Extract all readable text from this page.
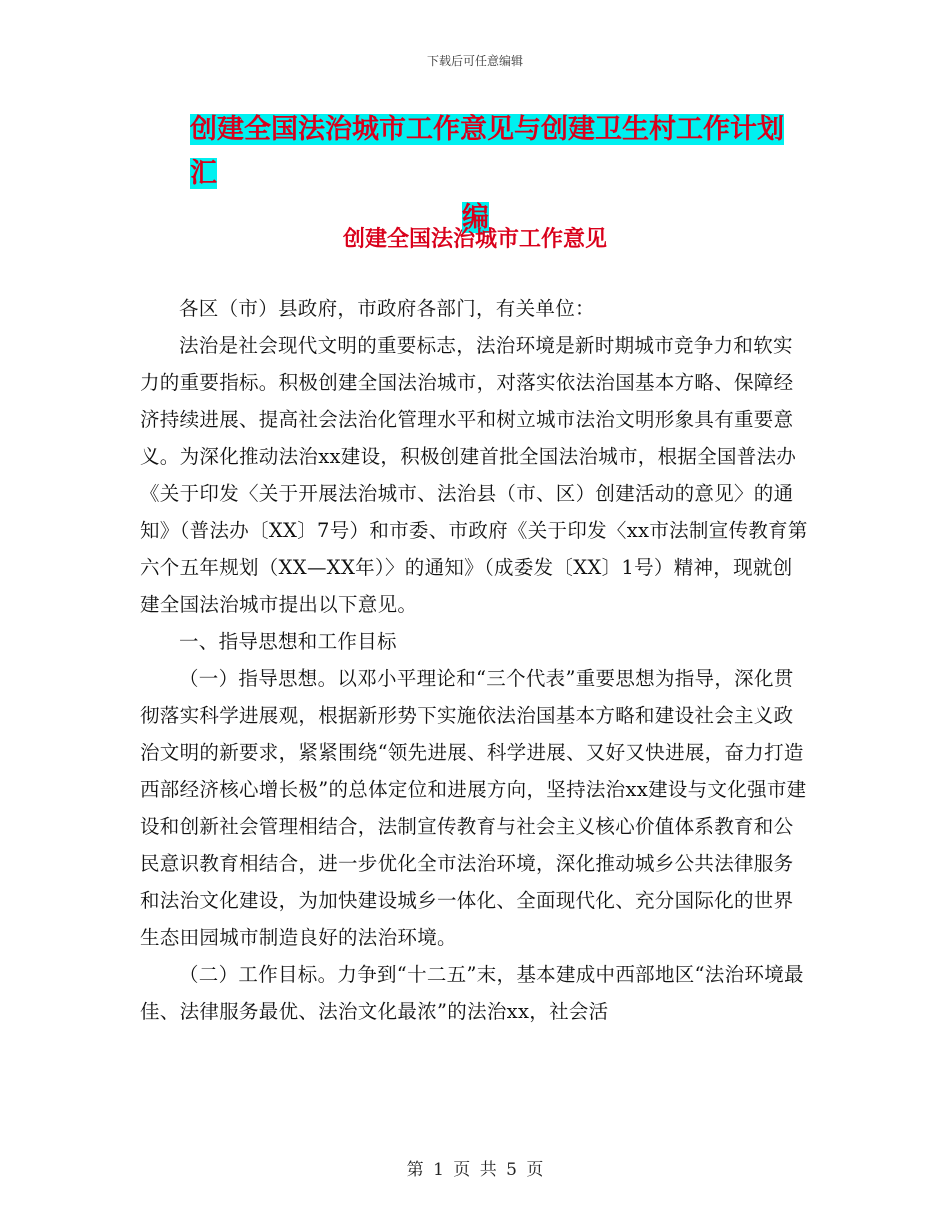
下载后可任意编辑
创建全国法治城市工作意见与创建卫生村工作计划汇
编
创建全国法治城市工作意见

各区（市）县政府，市政府各部门，有关单位：

法治是社会现代文明的重要标志，法治环境是新时期城市竞争力和软实力的重要指标。积极创建全国法治城市，对落实依法治国基本方略、保障经济持续进展、提高社会法治化管理水平和树立城市法治文明形象具有重要意义。为深化推动法治xx建设，积极创建首批全国法治城市，根据全国普法办《关于印发〈关于开展法治城市、法治县（市、区）创建活动的意见〉的通知》（普法办〔XX〕7号）和市委、市政府《关于印发〈xx市法制宣传教育第六个五年规划（XX—XX年）〉的通知》（成委发〔XX〕1号）精神，现就创建全国法治城市提出以下意见。

一、指导思想和工作目标

（一）指导思想。以邓小平理论和“三个代表”重要思想为指导，深化贯彻落实科学进展观，根据新形势下实施依法治国基本方略和建设社会主义政治文明的新要求，紧紧围绕“领先进展、科学进展、又好又快进展，奋力打造西部经济核心增长极”的总体定位和进展方向，坚持法治xx建设与文化强市建设和创新社会管理相结合，法制宣传教育与社会主义核心价值体系教育和公民意识教育相结合，进一步优化全市法治环境，深化推动城乡公共法律服务和法治文化建设，为加快建设城乡一体化、全面现代化、充分国际化的世界生态田园城市制造良好的法治环境。

（二）工作目标。力争到“十二五”末，基本建成中西部地区“法治环境最佳、法律服务最优、法治文化最浓”的法治xx，社会活

第 1 页 共 5 页
